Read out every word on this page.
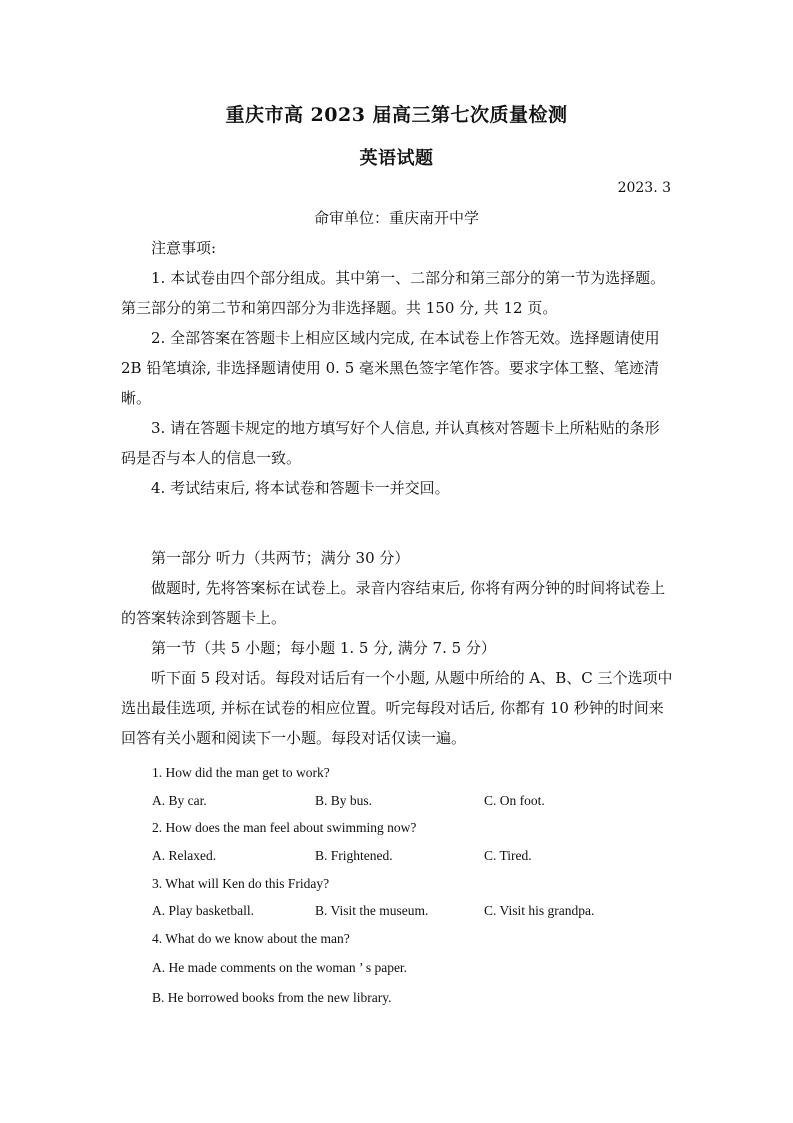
重庆市高 2023 届高三第七次质量检测
英语试题
2023. 3
命审单位：重庆南开中学

注意事项:

1. 本试卷由四个部分组成。其中第一、二部分和第三部分的第一节为选择题。第三部分的第二节和第四部分为非选择题。共 150 分, 共 12 页。

2. 全部答案在答题卡上相应区域内完成, 在本试卷上作答无效。选择题请使用 2B 铅笔填涂, 非选择题请使用 0. 5 毫米黑色签字笔作答。要求字体工整、笔迹清晰。

3. 请在答题卡规定的地方填写好个人信息, 并认真核对答题卡上所粘贴的条形码是否与本人的信息一致。

4. 考试结束后, 将本试卷和答题卡一并交回。

第一部分 听力（共两节；满分 30 分）

做题时, 先将答案标在试卷上。录音内容结束后, 你将有两分钟的时间将试卷上的答案转涂到答题卡上。

第一节（共 5 小题；每小题 1. 5 分, 满分 7. 5 分）

听下面 5 段对话。每段对话后有一个小题, 从题中所给的 A、B、C 三个选项中选出最佳选项, 并标在试卷的相应位置。听完每段对话后, 你都有 10 秒钟的时间来回答有关小题和阅读下一小题。每段对话仅读一遍。

1. How did the man get to work?
A. By car.	B. By bus.	C. On foot.
2. How does the man feel about swimming now?
A. Relaxed.	B. Frightened.	C. Tired.
3. What will Ken do this Friday?
A. Play basketball.	B. Visit the museum.	C. Visit his grandpa.
4. What do we know about the man?
A. He made comments on the woman ’ s paper.
B. He borrowed books from the new library.
